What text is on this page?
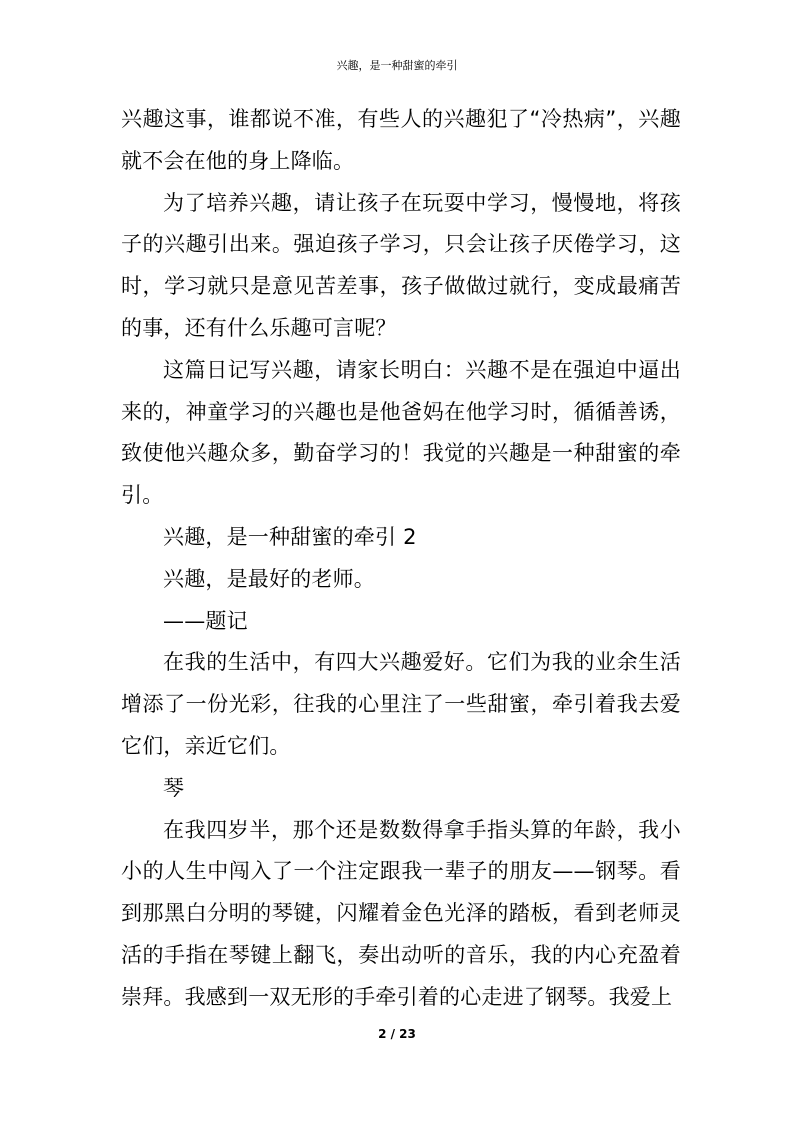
兴趣，是一种甜蜜的牵引

兴趣这事，谁都说不准，有些人的兴趣犯了“冷热病”，兴趣就不会在他的身上降临。

为了培养兴趣，请让孩子在玩耍中学习，慢慢地，将孩子的兴趣引出来。强迫孩子学习，只会让孩子厌倦学习，这时，学习就只是意见苦差事，孩子做做过就行，变成最痛苦的事，还有什么乐趣可言呢？

这篇日记写兴趣，请家长明白：兴趣不是在强迫中逼出来的，神童学习的兴趣也是他爸妈在他学习时，循循善诱，致使他兴趣众多，勤奋学习的！我觉的兴趣是一种甜蜜的牵引。

兴趣，是一种甜蜜的牵引 2

兴趣，是最好的老师。

——题记

在我的生活中，有四大兴趣爱好。它们为我的业余生活增添了一份光彩，往我的心里注了一些甜蜜，牵引着我去爱它们，亲近它们。

琴

在我四岁半，那个还是数数得拿手指头算的年龄，我小小的人生中闯入了一个注定跟我一辈子的朋友——钢琴。看到那黑白分明的琴键，闪耀着金色光泽的踏板，看到老师灵活的手指在琴键上翻飞，奏出动听的音乐，我的内心充盈着崇拜。我感到一双无形的手牵引着的心走进了钢琴。我爱上

2 / 23
